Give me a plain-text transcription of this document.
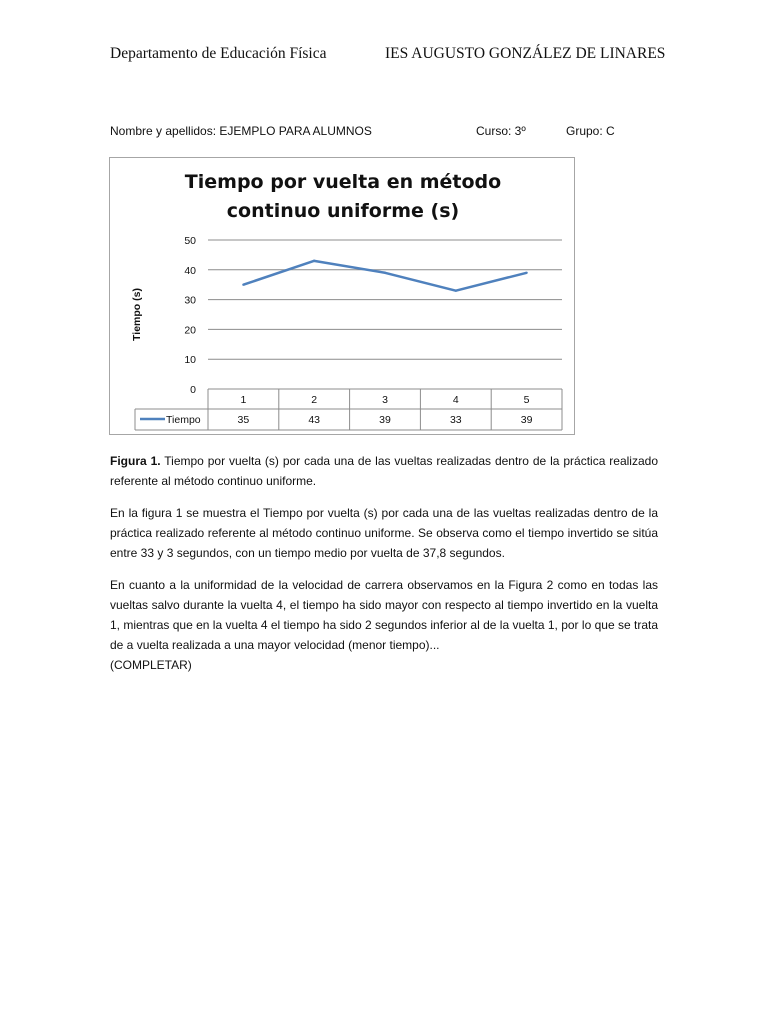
Departamento de Educación Física	IES AUGUSTO GONZÁLEZ DE LINARES
Nombre y apellidos: EJEMPLO PARA ALUMNOS	Curso: 3º	Grupo: C
Tiempo por vuelta en método
continuo uniforme (s)
0
10
20
30
40
50
Tiempo (s)
1	2	3	4	5
35	43	39	33	39
Tiempo
Figura 1. Tiempo por vuelta (s) por cada una de las vueltas realizadas dentro de la práctica realizado referente al método continuo uniforme.
En la figura 1 se muestra el Tiempo por vuelta (s) por cada una de las vueltas realizadas dentro de la práctica realizado referente al método continuo uniforme. Se observa como el tiempo invertido se sitúa entre 33 y 3 segundos, con un tiempo medio por vuelta de 37,8 segundos.
En cuanto a la uniformidad de la velocidad de carrera observamos en la Figura 2 como en todas las vueltas salvo durante la vuelta 4, el tiempo ha sido mayor con respecto al tiempo invertido en la vuelta 1, mientras que en la vuelta 4 el tiempo ha sido 2 segundos inferior al de la vuelta 1, por lo que se trata de a vuelta realizada a una mayor velocidad (menor tiempo)...
(COMPLETAR)
